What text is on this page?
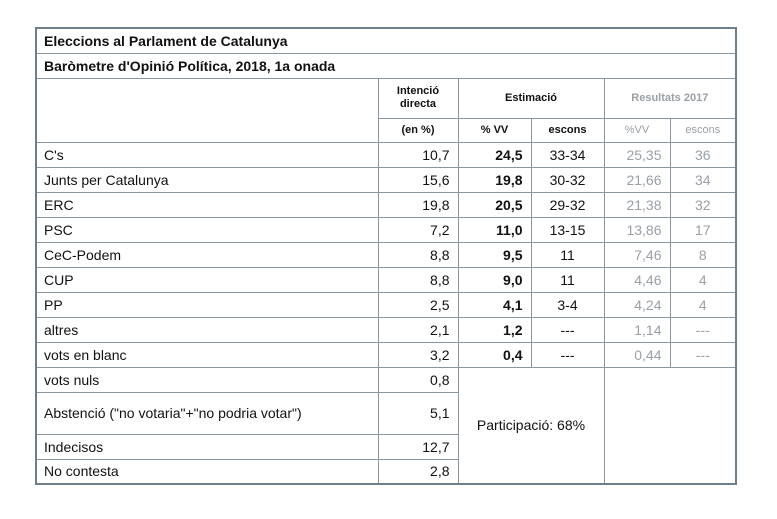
Eleccions al Parlament de Catalunya					
Baròmetre d'Opinió Política, 2018, 1a onada					
	Intenció directa	Estimació		Resultats 2017	
	(en %)	% VV	escons	%VV	escons
C's	10,7	24,5	33-34	25,35	36
Junts per Catalunya	15,6	19,8	30-32	21,66	34
ERC	19,8	20,5	29-32	21,38	32
PSC	7,2	11,0	13-15	13,86	17
CeC-Podem	8,8	9,5	11	7,46	8
CUP	8,8	9,0	11	4,46	4
PP	2,5	4,1	3-4	4,24	4
altres	2,1	1,2	---	1,14	---
vots en blanc	3,2	0,4	---	0,44	---
vots nuls	0,8	Participació: 68%			
Abstenció ("no votaria"+"no podria votar")	5,1				
Indecisos	12,7				
No contesta	2,8				
